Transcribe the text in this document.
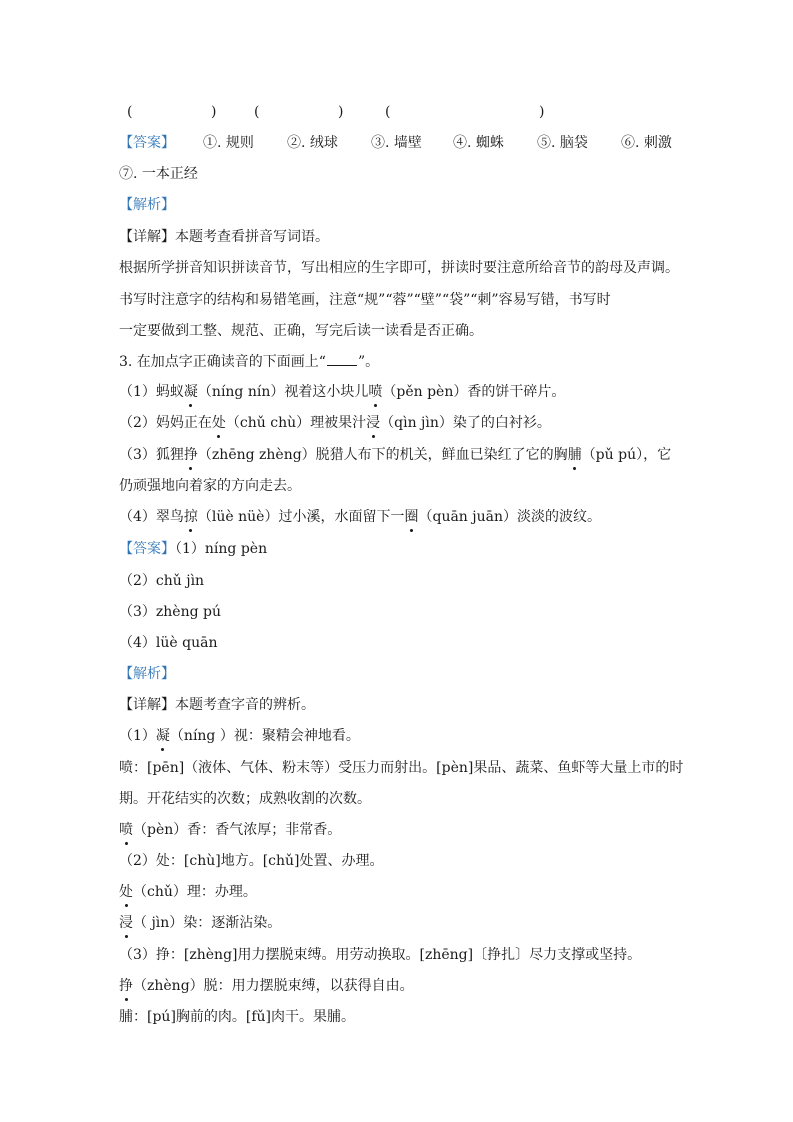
(	)	(	)	(	)
【答案】 ①. 规则 ②. 绒球 ③. 墙壁 ④. 蜘蛛 ⑤. 脑袋 ⑥. 刺激
⑦. 一本正经
【解析】
【详解】本题考查看拼音写词语。
根据所学拼音知识拼读音节，写出相应的生字即可，拼读时要注意所给音节的韵母及声调。
书写时注意字的结构和易错笔画，注意“规”“蓉”“壁”“袋”“刺”容易写错，书写时
一定要做到工整、规范、正确，写完后读一读看是否正确。
3. 在加点字正确读音的下面画上“ ”。
（1）蚂蚁凝（níng nín）视着这小块儿喷（pěn pèn）香的饼干碎片。
（2）妈妈正在处（chǔ chù）理被果汁浸（qìn jìn）染了的白衬衫。
（3）狐狸挣（zhēng zhèng）脱猎人布下的机关，鲜血已染红了它的胸脯（pǔ pú），它
仍顽强地向着家的方向走去。
（4）翠鸟掠（lüè nüè）过小溪，水面留下一圈（quān juān）淡淡的波纹。
【答案】（1）níng pèn
（2）chǔ jìn
（3）zhèng pú
（4）lüè quān
【解析】
【详解】本题考查字音的辨析。
（1）凝（níng ）视：聚精会神地看。
喷：[pēn]（液体、气体、粉末等）受压力而射出。[pèn]果品、蔬菜、鱼虾等大量上市的时
期。开花结实的次数；成熟收割的次数。
喷（pèn）香：香气浓厚；非常香。
（2）处：[chù]地方。[chǔ]处置、办理。
处（chǔ）理：办理。
浸（ jìn）染：逐渐沾染。
（3）挣：[zhèng]用力摆脱束缚。用劳动换取。[zhēng]〔挣扎〕尽力支撑或坚持。
挣（zhèng）脱：用力摆脱束缚，以获得自由。
脯：[pú]胸前的肉。[fǔ]肉干。果脯。
